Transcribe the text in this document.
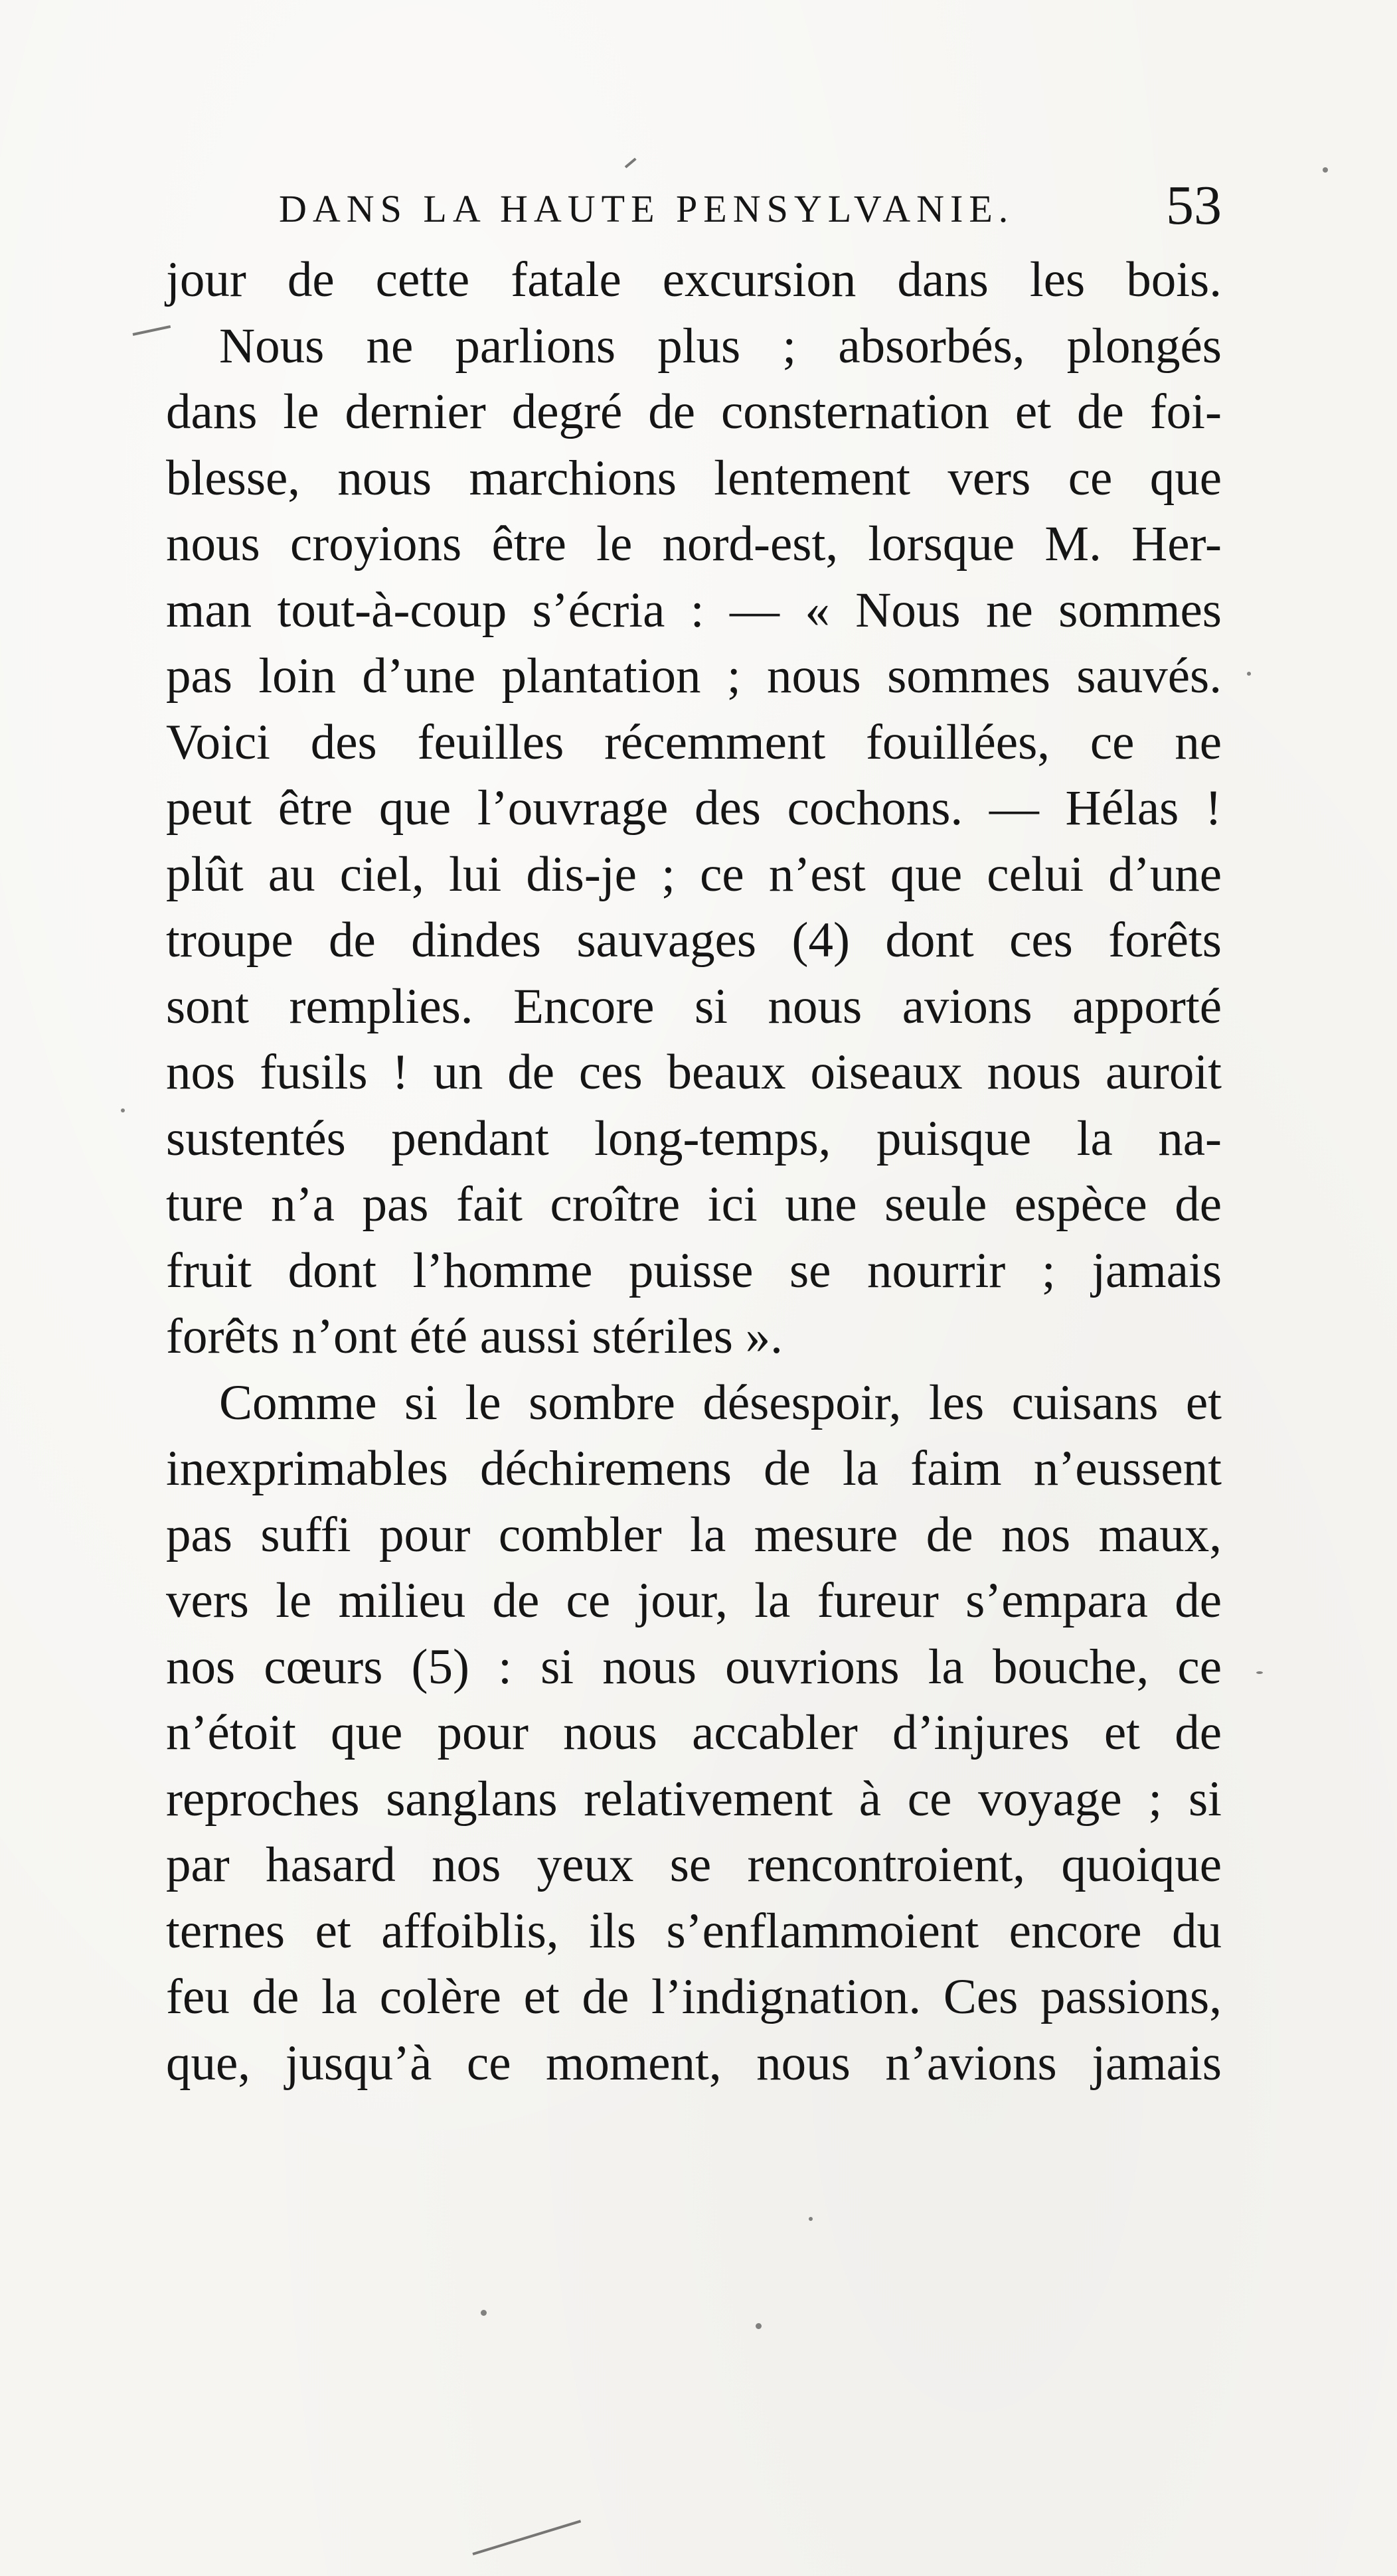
DANS LA HAUTE PENSYLVANIE.	53
jour de cette fatale excursion dans les bois.
Nous ne parlions plus ; absorbés, plongés
dans le dernier degré de consternation et de foi-
blesse, nous marchions lentement vers ce que
nous croyions être le nord-est, lorsque M. Her-
man tout-à-coup s’écria : — « Nous ne sommes
pas loin d’une plantation ; nous sommes sauvés.
Voici des feuilles récemment fouillées, ce ne
peut être que l’ouvrage des cochons. — Hélas !
plût au ciel, lui dis-je ; ce n’est que celui d’une
troupe de dindes sauvages (4) dont ces forêts
sont remplies. Encore si nous avions apporté
nos fusils ! un de ces beaux oiseaux nous auroit
sustentés pendant long-temps, puisque la na-
ture n’a pas fait croître ici une seule espèce de
fruit dont l’homme puisse se nourrir ; jamais
forêts n’ont été aussi stériles ».
Comme si le sombre désespoir, les cuisans et
inexprimables déchiremens de la faim n’eussent
pas suffi pour combler la mesure de nos maux,
vers le milieu de ce jour, la fureur s’empara de
nos cœurs (5) : si nous ouvrions la bouche, ce
n’étoit que pour nous accabler d’injures et de
reproches sanglans relativement à ce voyage ; si
par hasard nos yeux se rencontroient, quoique
ternes et affoiblis, ils s’enflammoient encore du
feu de la colère et de l’indignation. Ces passions,
que, jusqu’à ce moment, nous n’avions jamais
